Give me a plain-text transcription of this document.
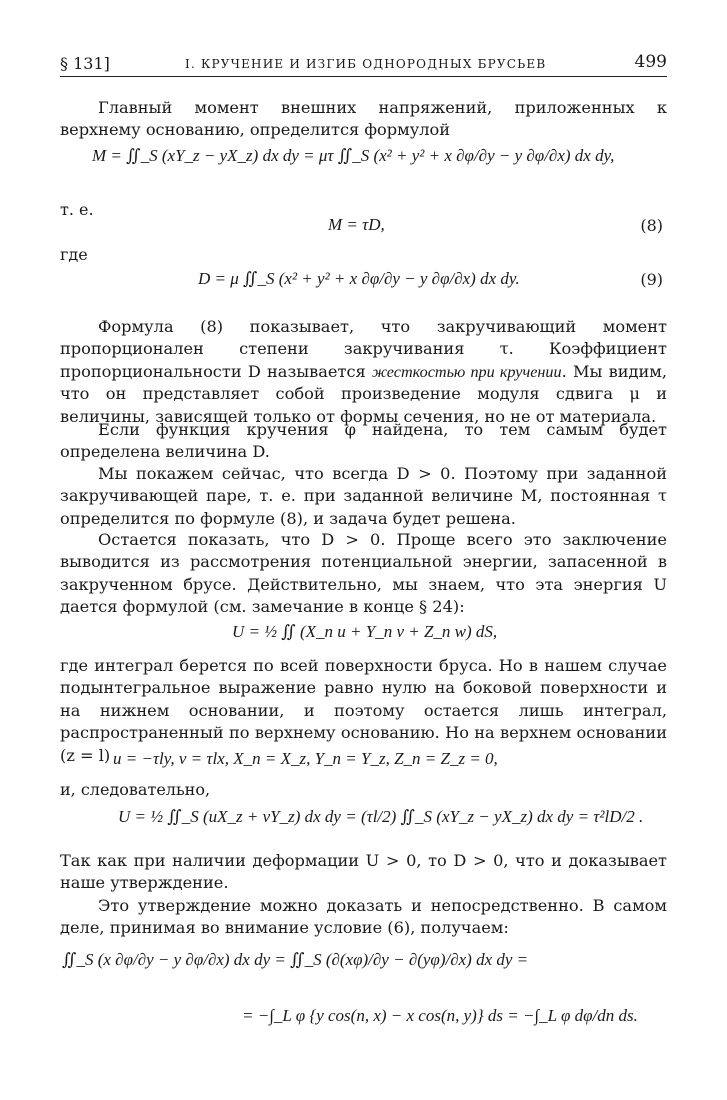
§ 131]	I. КРУЧЕНИЕ И ИЗГИБ ОДНОРОДНЫХ БРУСЬЕВ	499

Главный момент внешних напряжений, приложенных к верхнему основанию, определится формулой

M = ∬_S (xY_z − yX_z) dx dy = μτ ∬_S (x² + y² + x ∂φ/∂y − y ∂φ/∂x) dx dy,
т. е.
M = τD,	(8)
где
D = μ ∬_S (x² + y² + x ∂φ/∂y − y ∂φ/∂x) dx dy.	(9)

Формула (8) показывает, что закручивающий момент пропорционален степени закручивания τ. Коэффициент пропорциональности D называется жесткостью при кручении. Мы видим, что он представляет собой произведение модуля сдвига μ и величины, зависящей только от формы сечения, но не от материала.

Если функция кручения φ найдена, то тем самым будет определена величина D.

Мы покажем сейчас, что всегда D > 0. Поэтому при заданной закручивающей паре, т. е. при заданной величине M, постоянная τ определится по формуле (8), и задача будет решена.

Остается показать, что D > 0. Проще всего это заключение выводится из рассмотрения потенциальной энергии, запасенной в закрученном брусе. Действительно, мы знаем, что эта энергия U дается формулой (см. замечание в конце § 24):

U = ½ ∬ (X_n u + Y_n v + Z_n w) dS,

где интеграл берется по всей поверхности бруса. Но в нашем случае подынтегральное выражение равно нулю на боковой поверхности и на нижнем основании, и поэтому остается лишь интеграл, распространенный по верхнему основанию. Но на верхнем основании (z = l) u = −τly, v = τlx, X_n = X_z, Y_n = Y_z, Z_n = Z_z = 0,
и, следовательно,
U = ½ ∬_S (uX_z + vY_z) dx dy = (τl/2) ∬_S (xY_z − yX_z) dx dy = τ²lD/2 .

Так как при наличии деформации U > 0, то D > 0, что и доказывает наше утверждение.

Это утверждение можно доказать и непосредственно. В самом деле, принимая во внимание условие (6), получаем:

∬_S (x ∂φ/∂y − y ∂φ/∂x) dx dy = ∬_S (∂(xφ)/∂y − ∂(yφ)/∂x) dx dy =
= −∫_L φ {y cos(n, x) − x cos(n, y)} ds = −∫_L φ dφ/dn ds.
